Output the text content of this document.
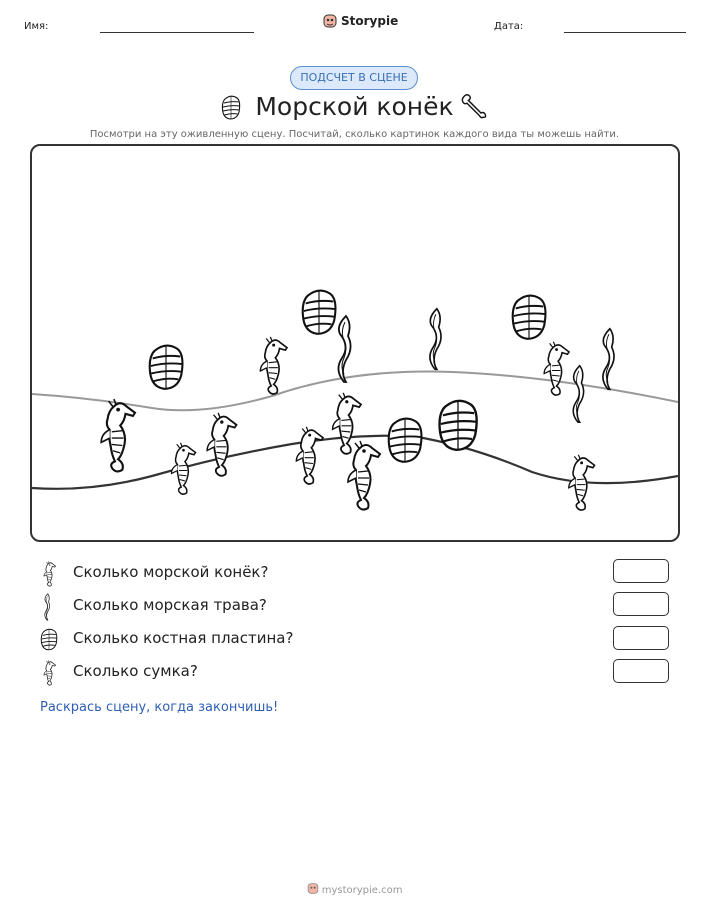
Имя:	Дата:
Storypie
ПОДСЧЕТ В СЦЕНЕ
Морской конёк
Посмотри на эту оживленную сцену. Посчитай, сколько картинок каждого вида ты можешь найти.
Сколько морской конёк?
Сколько морская трава?
Сколько костная пластина?
Сколько сумка?
Раскрась сцену, когда закончишь!
mystorypie.com
